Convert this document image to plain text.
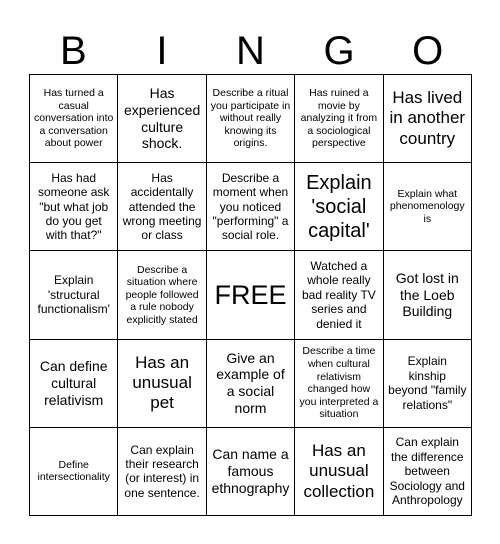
B	I	N	G	O
Has turned a casual conversation into a conversation about power
Has experienced culture shock.
Describe a ritual you participate in without really knowing its origins.
Has ruined a movie by analyzing it from a sociological perspective
Has lived in another country
Has had someone ask "but what job do you get with that?"
Has accidentally attended the wrong meeting or class
Describe a moment when you noticed "performing" a social role.
Explain 'social capital'
Explain what phenomenology is
Explain 'structural functionalism'
Describe a situation where people followed a rule nobody explicitly stated
FREE
Watched a whole really bad reality TV series and denied it
Got lost in the Loeb Building
Can define cultural relativism
Has an unusual pet
Give an example of a social norm
Describe a time when cultural relativism changed how you interpreted a situation
Explain kinship beyond "family relations"
Define intersectionality
Can explain their research (or interest) in one sentence.
Can name a famous ethnography
Has an unusual collection
Can explain the difference between Sociology and Anthropology
